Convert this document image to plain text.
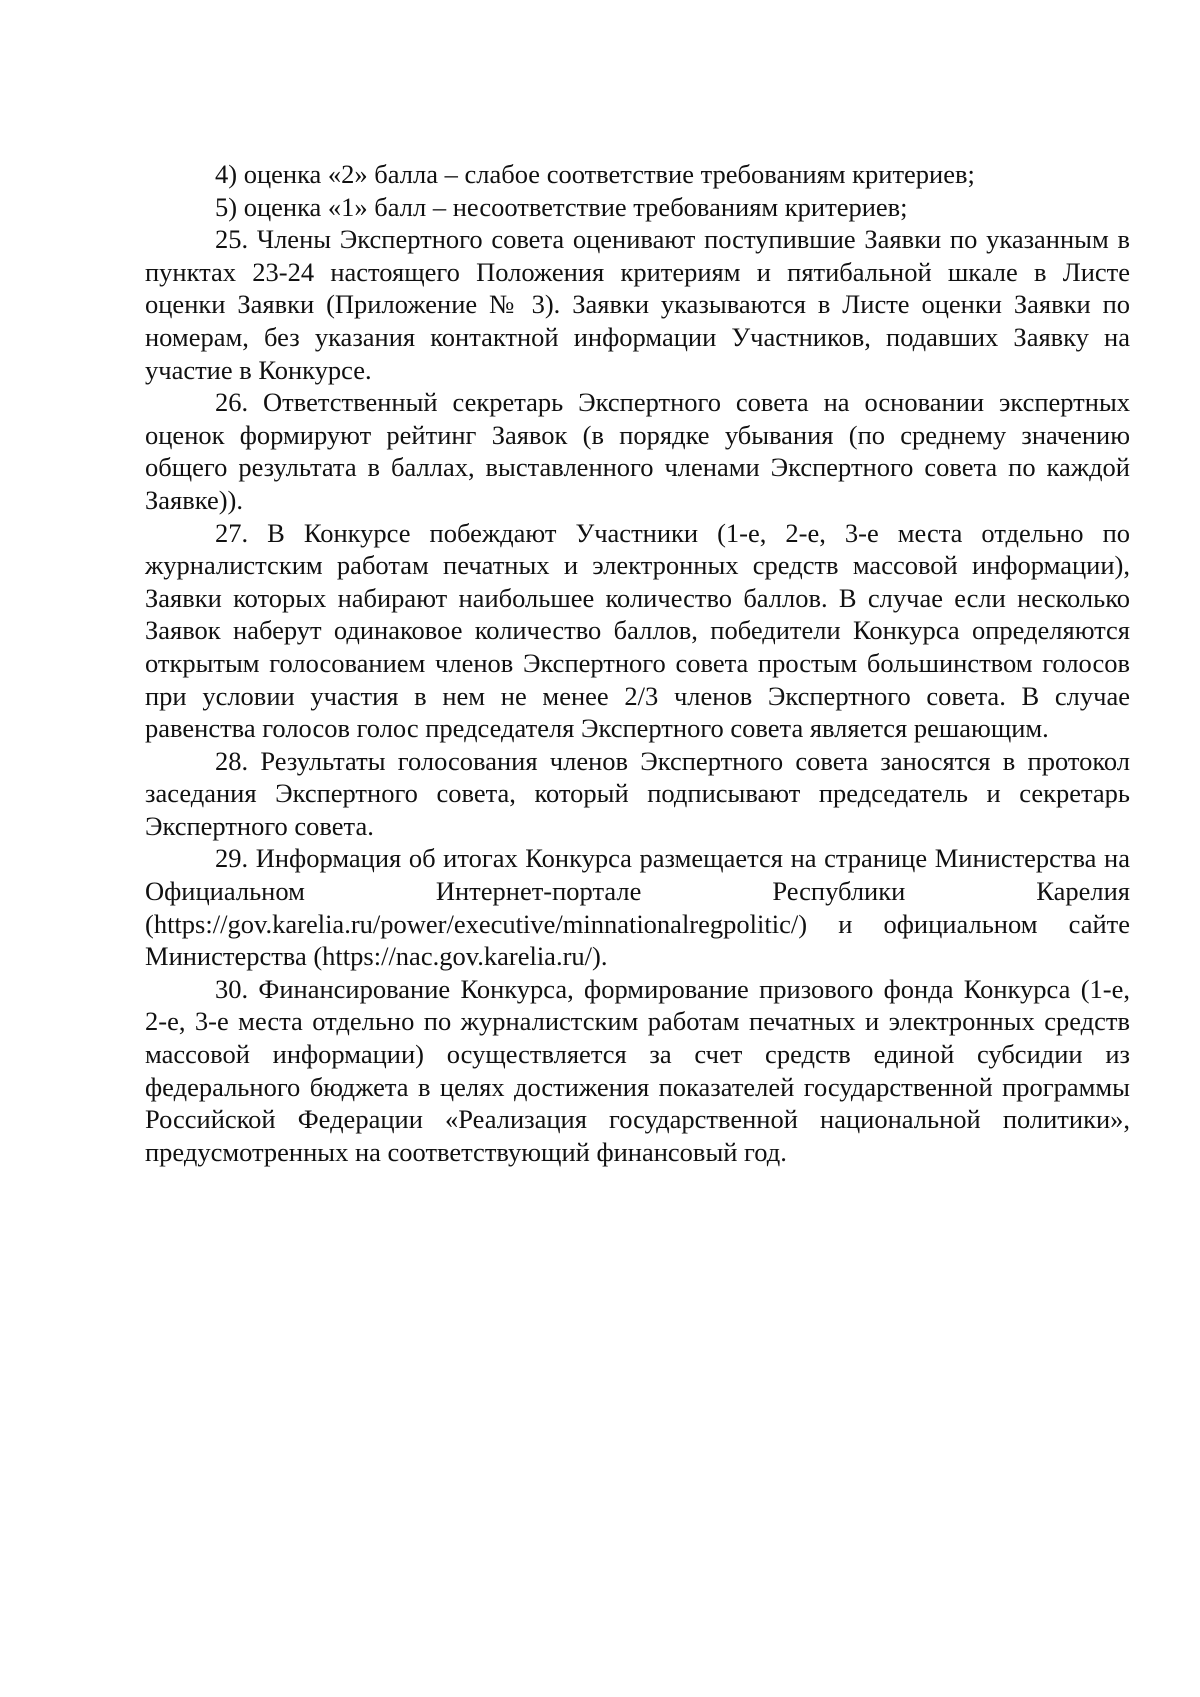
4) оценка «2» балла – слабое соответствие требованиям критериев;

5) оценка «1» балл – несоответствие требованиям критериев;

25. Члены Экспертного совета оценивают поступившие Заявки по указанным в пунктах 23-24 настоящего Положения критериям и пятибальной шкале в Листе оценки Заявки (Приложение № 3). Заявки указываются в Листе оценки Заявки по номерам, без указания контактной информации Участников, подавших Заявку на участие в Конкурсе.

26. Ответственный секретарь Экспертного совета на основании экспертных оценок формируют рейтинг Заявок (в порядке убывания (по среднему значению общего результата в баллах, выставленного членами Экспертного совета по каждой Заявке)).

27. В Конкурсе побеждают Участники (1-е, 2-е, 3-е места отдельно по журналистским работам печатных и электронных средств массовой информации), Заявки которых набирают наибольшее количество баллов. В случае если несколько Заявок наберут одинаковое количество баллов, победители Конкурса определяются открытым голосованием членов Экспертного совета простым большинством голосов при условии участия в нем не менее 2/3 членов Экспертного совета. В случае равенства голосов голос председателя Экспертного совета является решающим.

28. Результаты голосования членов Экспертного совета заносятся в протокол заседания Экспертного совета, который подписывают председатель и секретарь Экспертного совета.

29. Информация об итогах Конкурса размещается на странице Министерства на Официальном Интернет-портале Республики Карелия (https://gov.karelia.ru/power/executive/minnationalregpolitic/) и официальном сайте Министерства (https://nac.gov.karelia.ru/).

30. Финансирование Конкурса, формирование призового фонда Конкурса (1-е, 2-е, 3-е места отдельно по журналистским работам печатных и электронных средств массовой информации) осуществляется за счет средств единой субсидии из федерального бюджета в целях достижения показателей государственной программы Российской Федерации «Реализация государственной национальной политики», предусмотренных на соответствующий финансовый год.
